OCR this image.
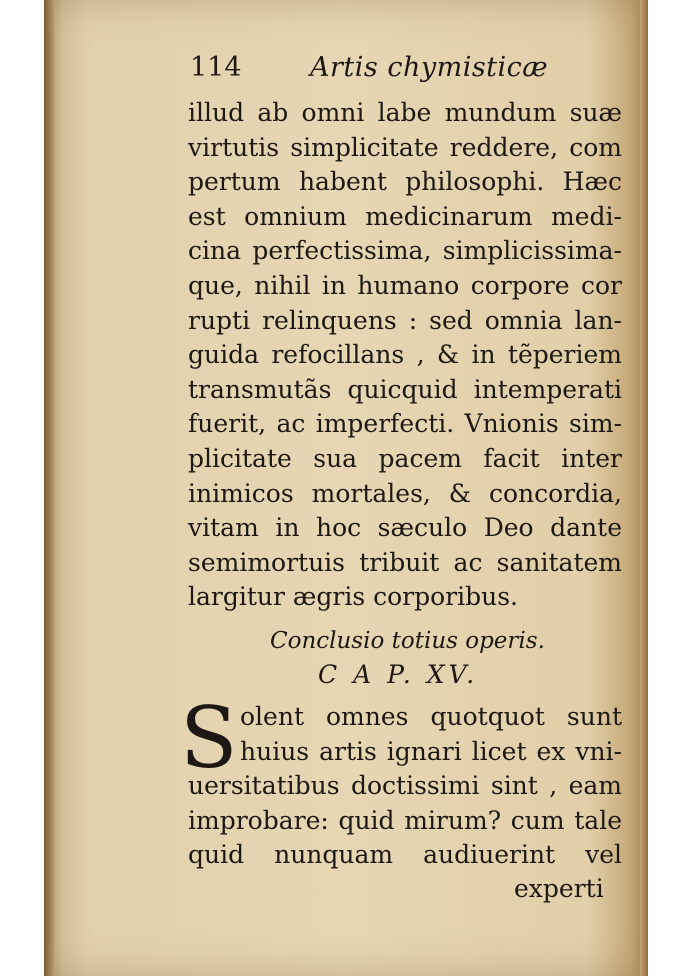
114	Artis chymisticæ
illud ab omni labe mundum suæ
virtutis simplicitate reddere, com
pertum habent philosophi. Hæc
est omnium medicinarum medi-
cina perfectissima, simplicissima-
que, nihil in humano corpore cor
rupti relinquens : sed omnia lan-
guida refocillans , & in tẽperiem
transmutãs quicquid intemperati
fuerit, ac imperfecti. Vnionis sim-
plicitate sua pacem facit inter
inimicos mortales, & concordia,
vitam in hoc sæculo Deo dante
semimortuis tribuit ac sanitatem
largitur ægris corporibus.
Conclusio totius operis.
C A P. XV.
S olent omnes quotquot sunt
huius artis ignari licet ex vni-
uersitatibus doctissimi sint , eam
improbare: quid mirum? cum tale
quid nunquam audiuerint vel
experti
